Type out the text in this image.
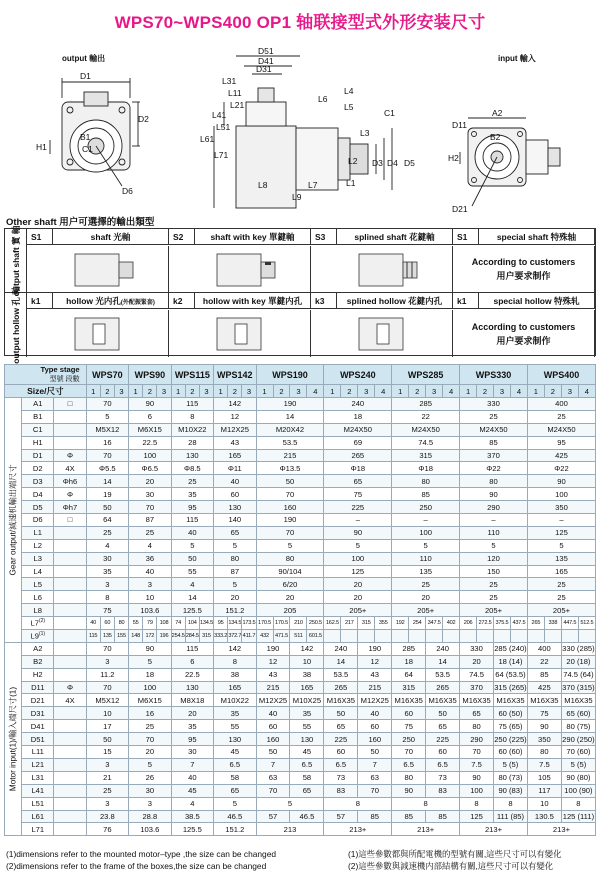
WPS70~WPS400 OP1 轴联接型式外形安装尺寸
output 輸出	input 輸入
D1
D2
H1
B1
C1
D6
D51
D41
D31
L31
L11
L21
L41
L51
L61
L71
L6
L4
L5
C1
L3
D3 D4 D5
L8	L7
L9
L2
L1
A2
D11
B2
H2
D21
Other shaft 用户可選擇的輸出類型
output shaft 實 軸	S1	shaft 光軸	S2	shaft with key 單鍵軸	S3	splined shaft 花鍵軸	S1	special shaft 特殊轴
According to customers
用户要求制作
output hollow 孔 軸	k1	hollow 光内孔(外配振緊套)	k2	hollow with key 單鍵内孔	k3	splined hollow 花鍵内孔	k1	special hollow 特殊轧
According to customers
用户要求制作
Type stage
型號 段數			WPS70			WPS90			WPS115			WPS142			WPS190				WPS240				WPS285				WPS330				WPS400			
Size/尺寸			1	2	3	1	2	3	1	2	3	1	2	3	1	2	3	4	1	2	3	4	1	2	3	4	1	2	3	4	1	2	3	4

Gear output/減速机輸出端尺寸	A1	□	70			90			115			142			190				240				285				330				400			
	B1		5			6			8			12			14				18				22				25				25			
	C1		M5X12			M6X15			M10X22			M12X25			M20X42				M24X50				M24X50				M24X50				M24X50			
	H1		16			22.5			28			43			53.5				69				74.5				85				95			
	D1	Φ	70			100			130			165			215				265				315				370				425			
	D2	4X	Φ5.5			Φ6.5			Φ8.5			Φ11			Φ13.5				Φ18				Φ18				Φ22				Φ22			
	D3	Φh6	14			20			25			40			50				65				80				80				90			
	D4	Φ	19			30			35			60			70				75				85				90				100			
	D5	Φh7	50			70			95			130			160				225				250				290				350			
	D6	□	64			87			115			140			190				–				–				–				–			
	L1		25			25			40			65			70				90				100				110				125			
	L2		4			4			5			5			5				5				5				5				5			
	L3		30			36			50			80			80				100				110				120				135			
	L4		35			40			55			87			90/104				125				135				150				165			
	L5		3			3			4			5			6/20				20				25				25				25			
	L6		8			10			14			20			20				20				20				25				25			
	L8		75			103.6			125.5			151.2			205				205+				205+				205+				205+			
	L7$^{(2)}$		40	60	80	55	79	108	74	104	134.5	95	134.5	173.5	170.5	170.5	210	250.5	162.5	217	315	355	192	254	347.5	402	206	272.5	375.5	437.5	265	338	447.5	512.5
	L9$^{(1)}$		115	135	155	148	172	196	254.5	284.5	315	333.2	372.7	411.7	432	471.5	511	601.5																

Motor input(1)/輸入端尺寸(1)	A2		70			90			115			142			190		142		240		190		285		240		330		285 (240)		400		330 (285)	
	B2		3			5			6			8			12		10		14		12		18		14		20		18 (14)		22		20 (18)	
	H2		11.2			18			22.5			38			43		38		53.5		43		64		53.5		74.5		64 (53.5)		85		74.5 (64)	
	D11	Φ	70			100			130			165			215		165		265		215		315		265		370		315 (265)		425		370 (315)	
	D21	4X	M5X12			M6X15			M8X18			M10X22			M12X25		M10X25		M16X35		M12X25		M16X35		M16X35		M16X35		M16X35		M16X35		M16X35	
	D31		10			16			20			35			40		35		50		40		60		50		65		60 (50)		75		65 (60)	
	D41		17			25			35			55			60		55		65		60		75		65		80		75 (65)		90		80 (75)	
	D51		50			70			95			130			160		130		225		160		250		225		290		250 (225)		350		290 (250)	
	L11		15			20			30			45			50		45		60		50		70		60		70		60 (60)		80		70 (60)	
	L21		3			5			7			6.5			7		6.5		6.5		7		6.5		6.5		7.5		5 (5)		7.5		5 (5)	
	L31		21			26			40			58			63		58		73		63		80		73		90		80 (73)		105		90 (80)	
	L41		25			30			45			65			70		65		83		70		90		83		100		90 (83)		117		100 (90)	
	L51		3			3			4			5			5				8				8				8		8		10		8	
	L61		23.8			28.8			38.5			46.5			57		46.5		57		85		85		85		125		111 (85)		130.5		125 (111)	
	L71		76			103.6			125.5			151.2			213				213+				213+				213+				213+			
(1)dimensions refer to the mounted motor–type ,the size can be changed
(2)dimensions refer to the frame of the boxes,the size can be changed
(1)這些參數都與所配電機的型號有關,這些尺寸可以有變化
(2)這些參數與減速機内部結構有關,這些尺寸可以有變化
